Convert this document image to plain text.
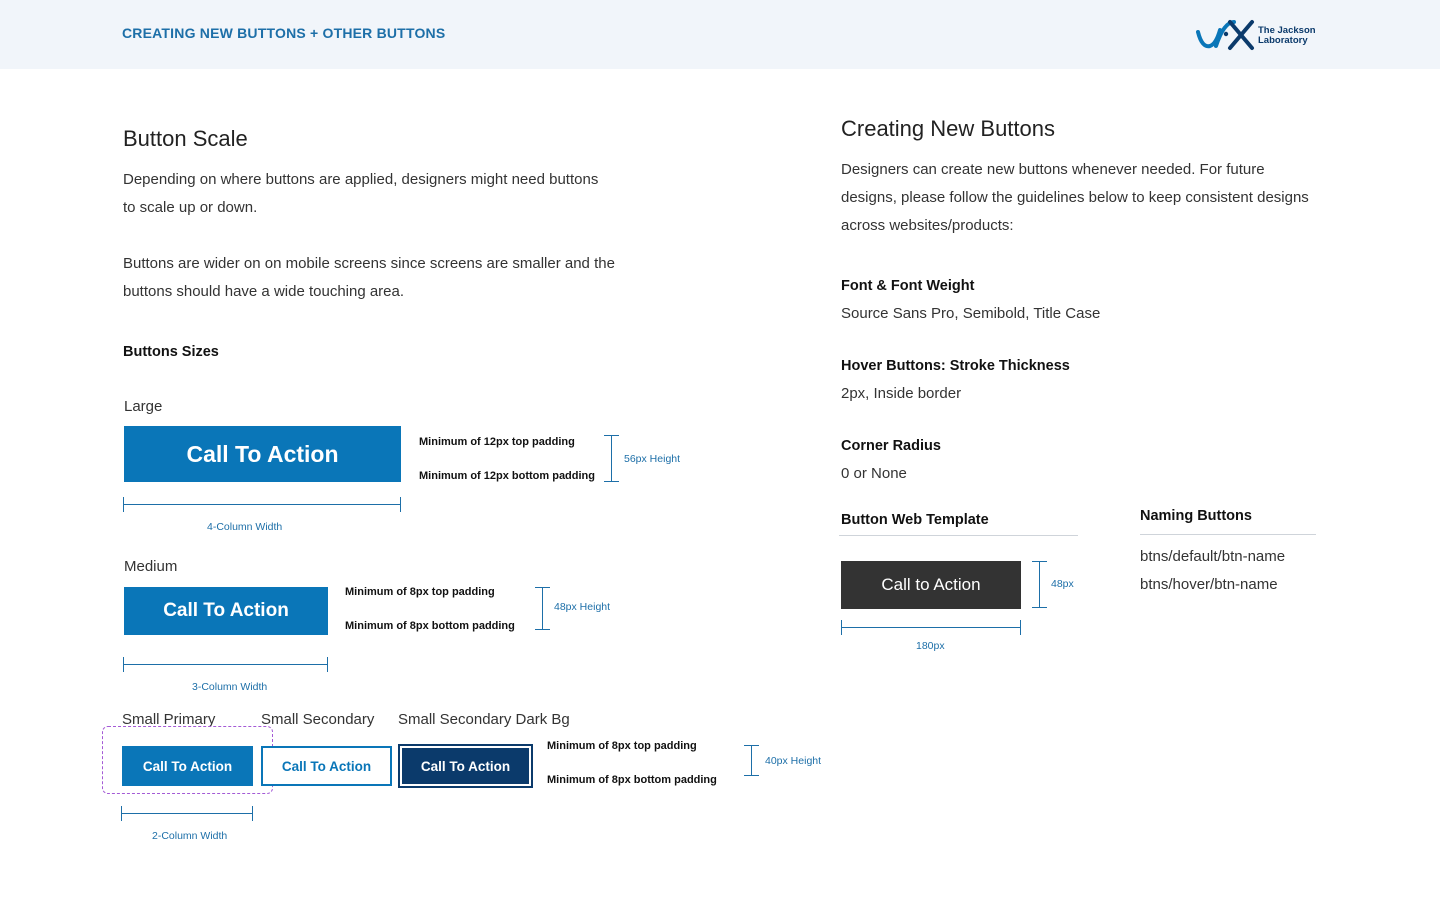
CREATING NEW BUTTONS + OTHER BUTTONS	The Jackson
Laboratory
Button Scale
Depending on where buttons are applied, designers might need buttons to scale up or down.
Buttons are wider on on mobile screens since screens are smaller and the buttons should have a wide touching area.
Buttons Sizes
Large
Call To Action	Minimum of 12px top padding
Minimum of 12px bottom padding
56px Height
4-Column Width
Medium
Call To Action
Minimum of 8px top padding
Minimum of 8px bottom padding
48px Height
3-Column Width
Small Primary	Small Secondary Small Secondary Dark Bg
Call To Action	Call To Action	Call To Action
Minimum of 8px top padding
Minimum of 8px bottom padding
40px Height
2-Column Width
Creating New Buttons
Designers can create new buttons whenever needed. For future designs, please follow the guidelines below to keep consistent designs across websites/products:
Font & Font Weight
Source Sans Pro, Semibold, Title Case
Hover Buttons: Stroke Thickness
2px, Inside border
Corner Radius
0 or None
Button Web Template
Call to Action	48px
180px
Naming Buttons
btns/default/btn-name
btns/hover/btn-name
